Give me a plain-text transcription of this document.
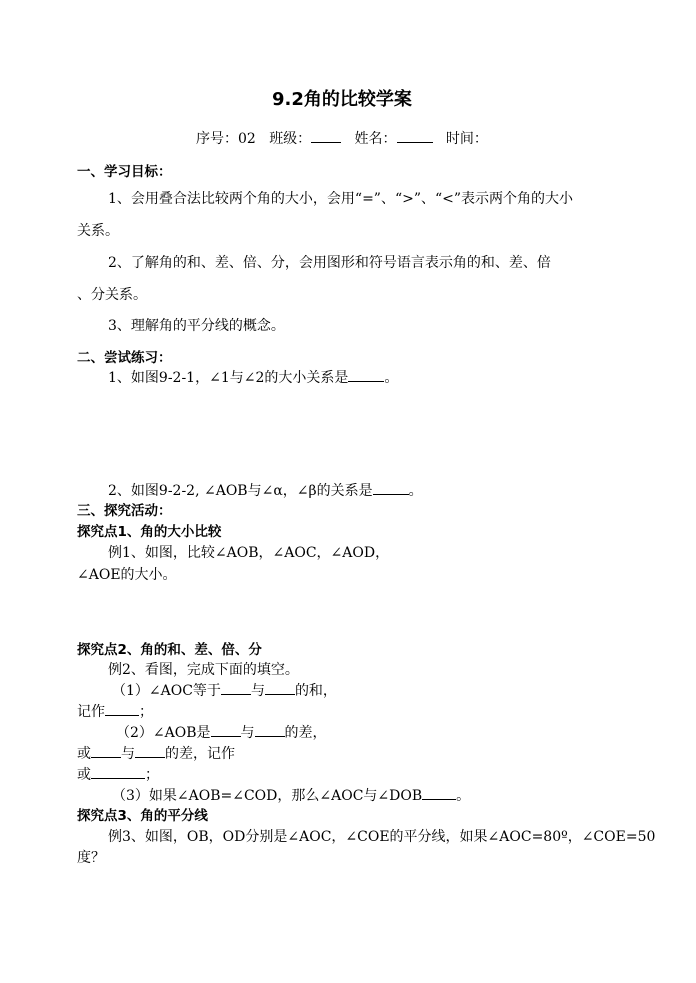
9.2角的比较学案
序号：02 班级：	姓名：	时间：
一、学习目标：
1、会用叠合法比较两个角的大小，会用“=”、“>”、“<”表示两个角的大小
关系。
2、了解角的和、差、倍、分，会用图形和符号语言表示角的和、差、倍
、分关系。
3、理解角的平分线的概念。
二、尝试练习：
1、如图9-2-1，∠1与∠2的大小关系是	。
2、如图9-2-2, ∠AOB与∠α，∠β的关系是	。
三、探究活动：
探究点1、角的大小比较
例1、如图，比较∠AOB，∠AOC，∠AOD，
∠AOE的大小。
探究点2、角的和、差、倍、分
例2、看图，完成下面的填空。
（1）∠AOC等于 与 的和，
记作 ；
（2）∠AOB是 与 的差，
或 与 的差，记作
或	；
（3）如果∠AOB=∠COD，那么∠AOC与∠DOB 。
探究点3、角的平分线
例3、如图，OB，OD分别是∠AOC，∠COE的平分线，如果∠AOC=80º，∠COE=50
度？
